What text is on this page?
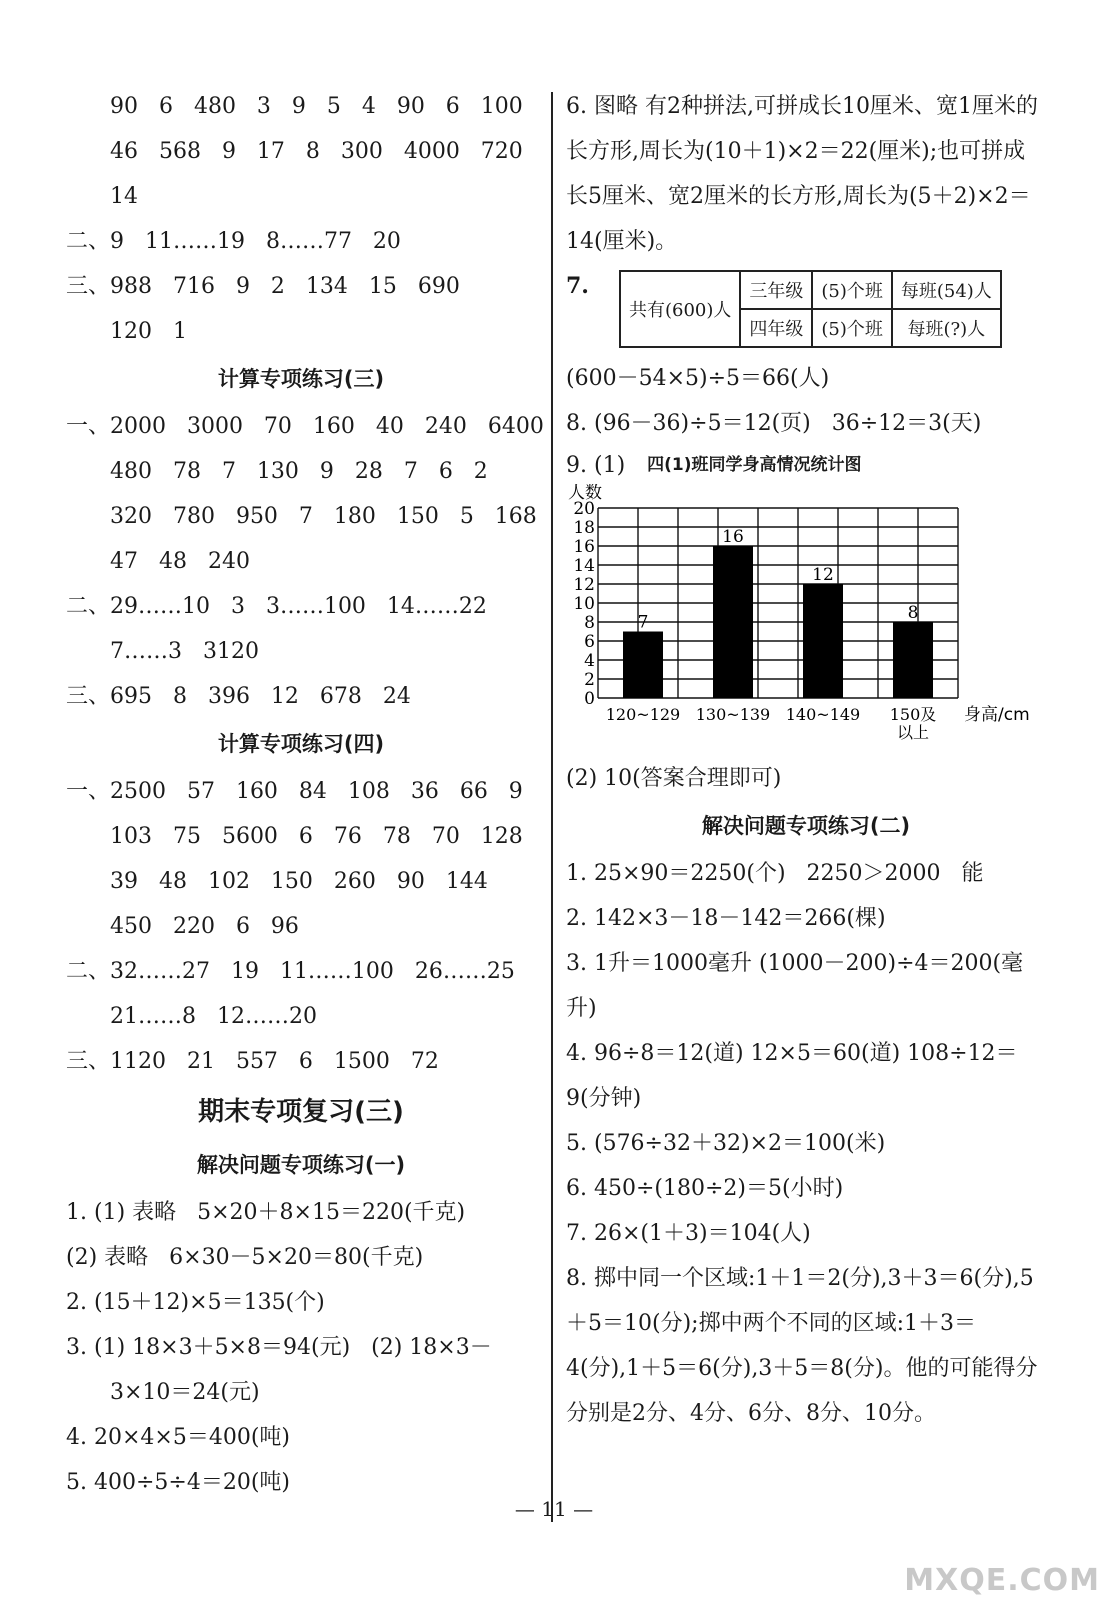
90   6   480   3   9   5   4   90   6   100
46   568   9   17   8   300   4000   720
14
二、9   11……19   8……77   20
三、988   716   9   2   134   15   690
120   1
计算专项练习(三)
一、2000   3000   70   160   40   240   6400
480   78   7   130   9   28   7   6   2
320   780   950   7   180   150   5   168
47   48   240
二、29……10   3   3……100   14……22
7……3   3120
三、695   8   396   12   678   24
计算专项练习(四)
一、2500   57   160   84   108   36   66   9
103   75   5600   6   76   78   70   128
39   48   102   150   260   90   144
450   220   6   96
二、32……27   19   11……100   26……25
21……8   12……20
三、1120   21   557   6   1500   72
期末专项复习(三)
解决问题专项练习(一)
1. (1) 表略   5×20＋8×15＝220(千克)
(2) 表略   6×30－5×20＝80(千克)
2. (15＋12)×5＝135(个)
3. (1) 18×3＋5×8＝94(元)   (2) 18×3－
3×10＝24(元)
4. 20×4×5＝400(吨)
5. 400÷5÷4＝20(吨)
6. 图略 有2种拼法,可拼成长10厘米、宽1厘米的长方形,周长为(10＋1)×2＝22(厘米);也可拼成长5厘米、宽2厘米的长方形,周长为(5＋2)×2＝14(厘米)。
7.
共有(600)人	三年级	(5)个班	每班(54)人
	四年级	(5)个班	每班(?)人
(600－54×5)÷5＝66(人)
8. (96－36)÷5＝12(页)   36÷12＝3(天)
9. (1) 四(1)班同学身高情况统计图
0
2
4
6
8
10
12
14
16
18
20
人数
7
120~129
16
130~139
12
140~149
8
150及
以上
身高/cm
(2) 10(答案合理即可)
解决问题专项练习(二)
1. 25×90＝2250(个)   2250＞2000   能
2. 142×3－18－142＝266(棵)
3. 1升＝1000毫升 (1000－200)÷4＝200(毫升)
4. 96÷8＝12(道) 12×5＝60(道) 108÷12＝9(分钟)
5. (576÷32＋32)×2＝100(米)
6. 450÷(180÷2)＝5(小时)
7. 26×(1＋3)＝104(人)
8. 掷中同一个区域:1＋1＝2(分),3＋3＝6(分),5＋5＝10(分);掷中两个不同的区域:1＋3＝4(分),1＋5＝6(分),3＋5＝8(分)。他的可能得分分别是2分、4分、6分、8分、10分。
— 11 —
MXQE.COM
